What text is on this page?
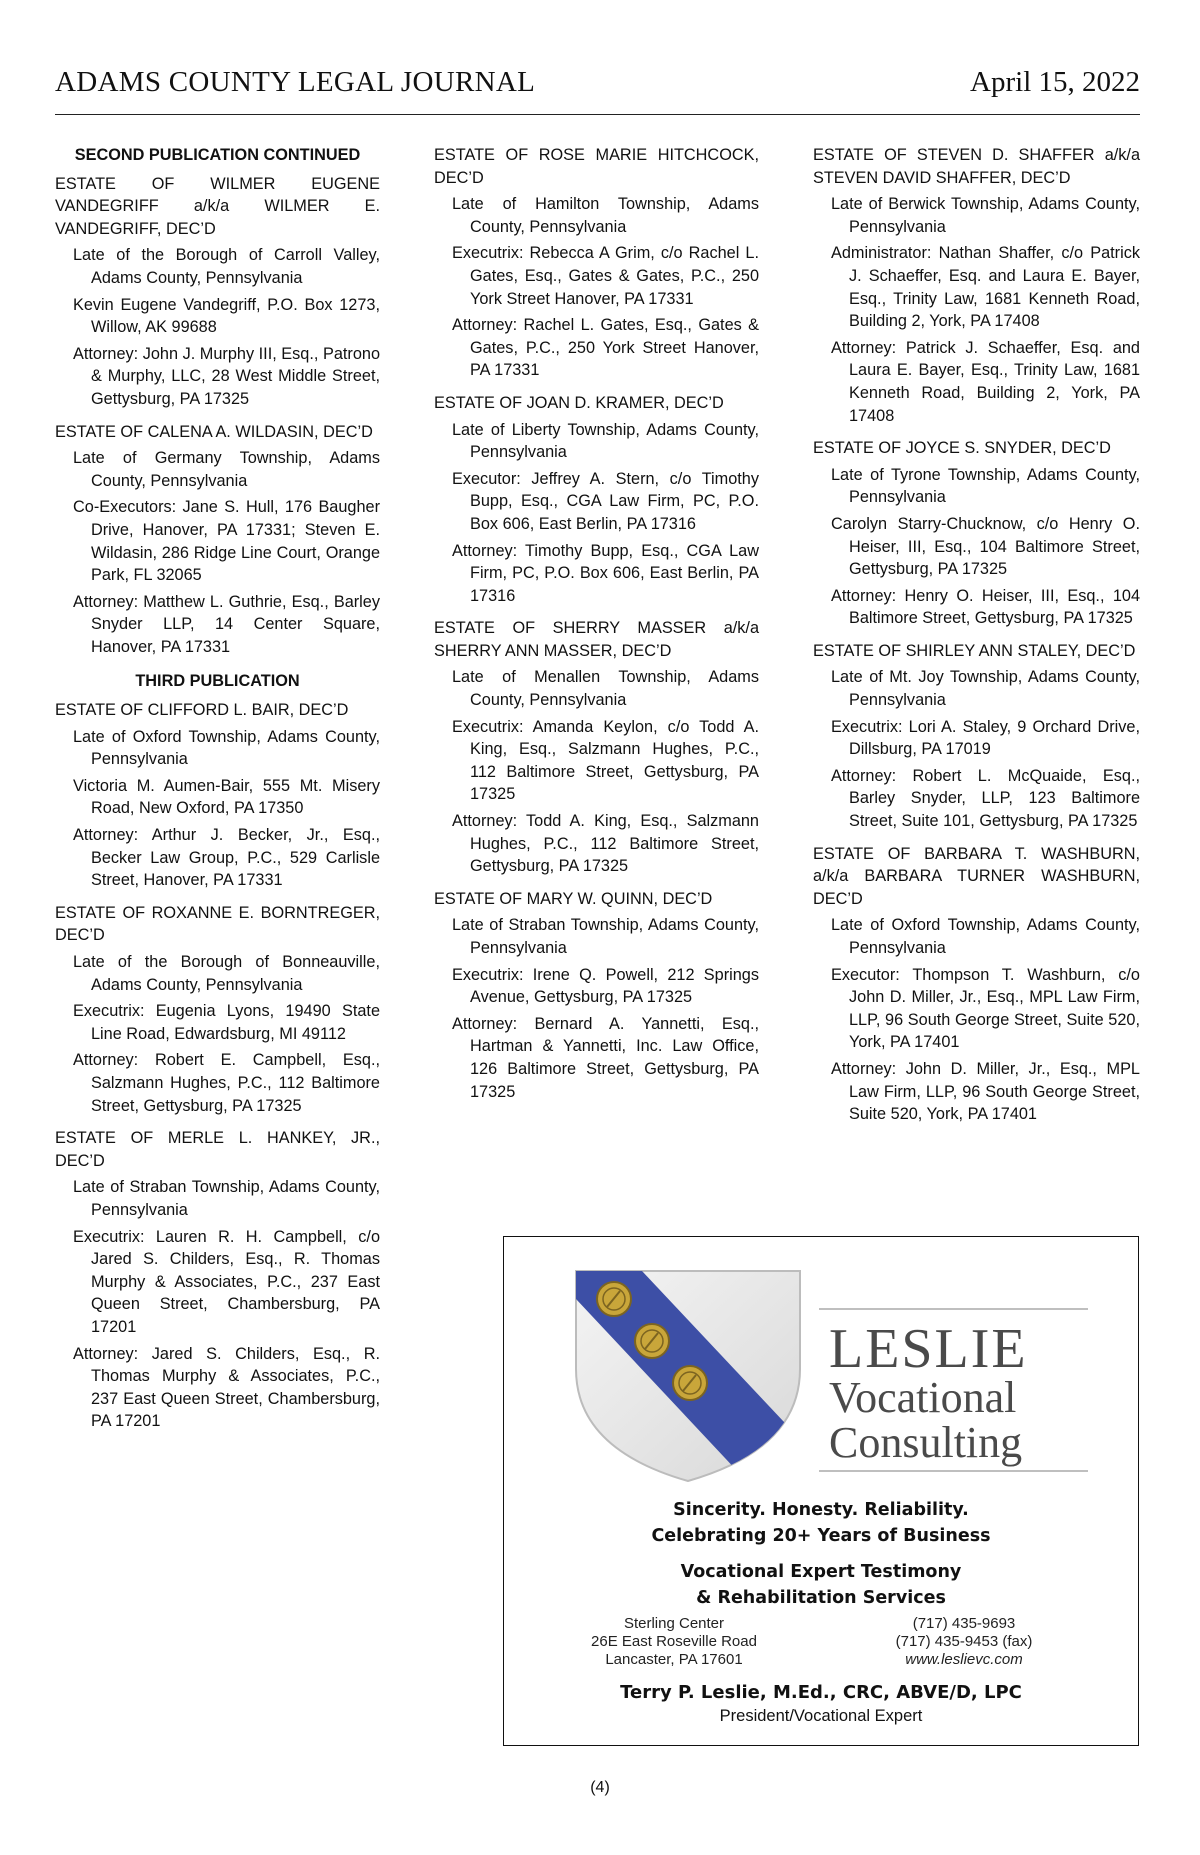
ADAMS COUNTY LEGAL JOURNAL	April 15, 2022
SECOND PUBLICATION CONTINUED

ESTATE OF WILMER EUGENE VANDEGRIFF a/k/a WILMER E. VANDEGRIFF, DEC’D

Late of the Borough of Carroll Valley, Adams County, Pennsylvania

Kevin Eugene Vandegriff, P.O. Box 1273, Willow, AK 99688

Attorney: John J. Murphy III, Esq., Patrono & Murphy, LLC, 28 West Middle Street, Gettysburg, PA 17325

ESTATE OF CALENA A. WILDASIN, DEC’D

Late of Germany Township, Adams County, Pennsylvania

Co-Executors: Jane S. Hull, 176 Baugher Drive, Hanover, PA 17331; Steven E. Wildasin, 286 Ridge Line Court, Orange Park, FL 32065

Attorney: Matthew L. Guthrie, Esq., Barley Snyder LLP, 14 Center Square, Hanover, PA 17331

THIRD PUBLICATION

ESTATE OF CLIFFORD L. BAIR, DEC’D

Late of Oxford Township, Adams County, Pennsylvania

Victoria M. Aumen-Bair, 555 Mt. Misery Road, New Oxford, PA 17350

Attorney: Arthur J. Becker, Jr., Esq., Becker Law Group, P.C., 529 Carlisle Street, Hanover, PA 17331

ESTATE OF ROXANNE E. BORNTREGER, DEC’D

Late of the Borough of Bonneauville, Adams County, Pennsylvania

Executrix: Eugenia Lyons, 19490 State Line Road, Edwardsburg, MI 49112

Attorney: Robert E. Campbell, Esq., Salzmann Hughes, P.C., 112 Baltimore Street, Gettysburg, PA 17325

ESTATE OF MERLE L. HANKEY, JR., DEC’D

Late of Straban Township, Adams County, Pennsylvania

Executrix: Lauren R. H. Campbell, c/o Jared S. Childers, Esq., R. Thomas Murphy & Associates, P.C., 237 East Queen Street, Chambersburg, PA 17201

Attorney: Jared S. Childers, Esq., R. Thomas Murphy & Associates, P.C., 237 East Queen Street, Chambersburg, PA 17201

ESTATE OF ROSE MARIE HITCHCOCK, DEC’D

Late of Hamilton Township, Adams County, Pennsylvania

Executrix: Rebecca A Grim, c/o Rachel L. Gates, Esq., Gates & Gates, P.C., 250 York Street Hanover, PA 17331

Attorney: Rachel L. Gates, Esq., Gates & Gates, P.C., 250 York Street Hanover, PA 17331

ESTATE OF JOAN D. KRAMER, DEC’D

Late of Liberty Township, Adams County, Pennsylvania

Executor: Jeffrey A. Stern, c/o Timothy Bupp, Esq., CGA Law Firm, PC, P.O. Box 606, East Berlin, PA 17316

Attorney: Timothy Bupp, Esq., CGA Law Firm, PC, P.O. Box 606, East Berlin, PA 17316

ESTATE OF SHERRY MASSER a/k/a SHERRY ANN MASSER, DEC’D

Late of Menallen Township, Adams County, Pennsylvania

Executrix: Amanda Keylon, c/o Todd A. King, Esq., Salzmann Hughes, P.C., 112 Baltimore Street, Gettysburg, PA 17325

Attorney: Todd A. King, Esq., Salzmann Hughes, P.C., 112 Baltimore Street, Gettysburg, PA 17325

ESTATE OF MARY W. QUINN, DEC’D

Late of Straban Township, Adams County, Pennsylvania

Executrix: Irene Q. Powell, 212 Springs Avenue, Gettysburg, PA 17325

Attorney: Bernard A. Yannetti, Esq., Hartman & Yannetti, Inc. Law Office, 126 Baltimore Street, Gettysburg, PA 17325

ESTATE OF STEVEN D. SHAFFER a/k/a STEVEN DAVID SHAFFER, DEC’D

Late of Berwick Township, Adams County, Pennsylvania

Administrator: Nathan Shaffer, c/o Patrick J. Schaeffer, Esq. and Laura E. Bayer, Esq., Trinity Law, 1681 Kenneth Road, Building 2, York, PA 17408

Attorney: Patrick J. Schaeffer, Esq. and Laura E. Bayer, Esq., Trinity Law, 1681 Kenneth Road, Building 2, York, PA 17408

ESTATE OF JOYCE S. SNYDER, DEC’D

Late of Tyrone Township, Adams County, Pennsylvania

Carolyn Starry-Chucknow, c/o Henry O. Heiser, III, Esq., 104 Baltimore Street, Gettysburg, PA 17325

Attorney: Henry O. Heiser, III, Esq., 104 Baltimore Street, Gettysburg, PA 17325

ESTATE OF SHIRLEY ANN STALEY, DEC’D

Late of Mt. Joy Township, Adams County, Pennsylvania

Executrix: Lori A. Staley, 9 Orchard Drive, Dillsburg, PA 17019

Attorney: Robert L. McQuaide, Esq., Barley Snyder, LLP, 123 Baltimore Street, Suite 101, Gettysburg, PA 17325

ESTATE OF BARBARA T. WASHBURN, a/k/a BARBARA TURNER WASHBURN, DEC’D

Late of Oxford Township, Adams County, Pennsylvania

Executor: Thompson T. Washburn, c/o John D. Miller, Jr., Esq., MPL Law Firm, LLP, 96 South George Street, Suite 520, York, PA 17401

Attorney: John D. Miller, Jr., Esq., MPL Law Firm, LLP, 96 South George Street, Suite 520, York, PA 17401

LESLIE
Vocational
Consulting
Sincerity. Honesty. Reliability.
Celebrating 20+ Years of Business
Vocational Expert Testimony
& Rehabilitation Services
Sterling Center
26E East Roseville Road
Lancaster, PA 17601
(717) 435-9693
(717) 435-9453 (fax)
www.leslievc.com
Terry P. Leslie, M.Ed., CRC, ABVE/D, LPC
President/Vocational Expert
(4)
